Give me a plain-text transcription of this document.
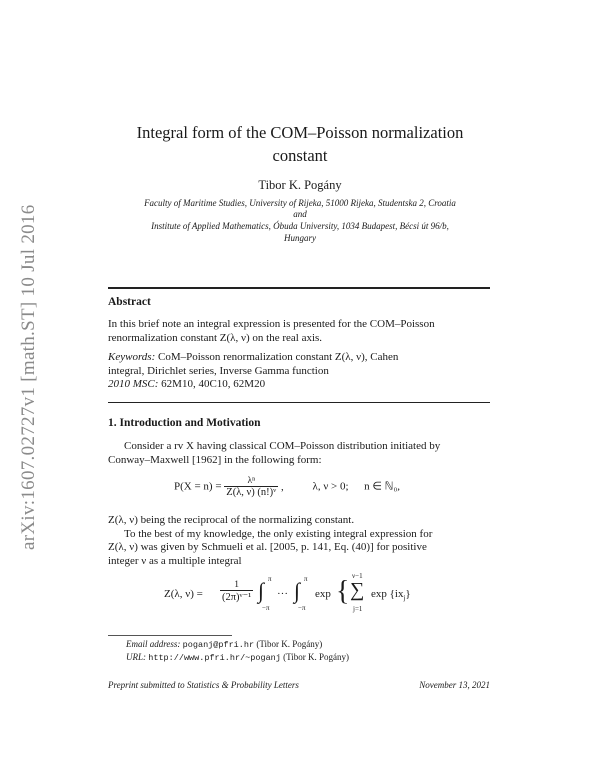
arXiv:1607.02727v1 [math.ST] 10 Jul 2016
Integral form of the COM–Poisson normalization
constant
Tibor K. Pogány
Faculty of Maritime Studies, University of Rijeka, 51000 Rijeka, Studentska 2, Croatia
and
Institute of Applied Mathematics, Óbuda University, 1034 Budapest, Bécsi út 96/b,
Hungary
Abstract
In this brief note an integral expression is presented for the COM–Poisson
renormalization constant Z(λ, ν) on the real axis.
Keywords: CoM–Poisson renormalization constant Z(λ, ν), Cahen
integral, Dirichlet series, Inverse Gamma function
2010 MSC: 62M10, 40C10, 62M20
1. Introduction and Motivation
Consider a rv X having classical COM–Poisson distribution initiated by
Conway–Maxwell [1962] in the following form:
$P(X = n) = \frac{\text{λⁿ}}{\text{Z(λ, ν) (n!)ᵛ}}$ ,	λ, ν > 0; n ∈ ℕ₀,
Z(λ, ν) being the reciprocal of the normalizing constant.
To the best of my knowledge, the only existing integral expression for
Z(λ, ν) was given by Schmueli et al. [2005, p. 141, Eq. (40)] for positive
integer ν as a multiple integral
Z(λ, $\nu) = \frac{1}{\text{(2π)ᵛ⁻¹}}$ ∫ π
−π
··· ∫ π
−π
exp { ν−1
∑
j=1
$\exp \{ix_j\}$
Email address: poganj@pfri.hr (Tibor K. Pogány)
URL: http://www.pfri.hr/~poganj (Tibor K. Pogány)
Preprint submitted to Statistics & Probability Letters	November 13, 2021
